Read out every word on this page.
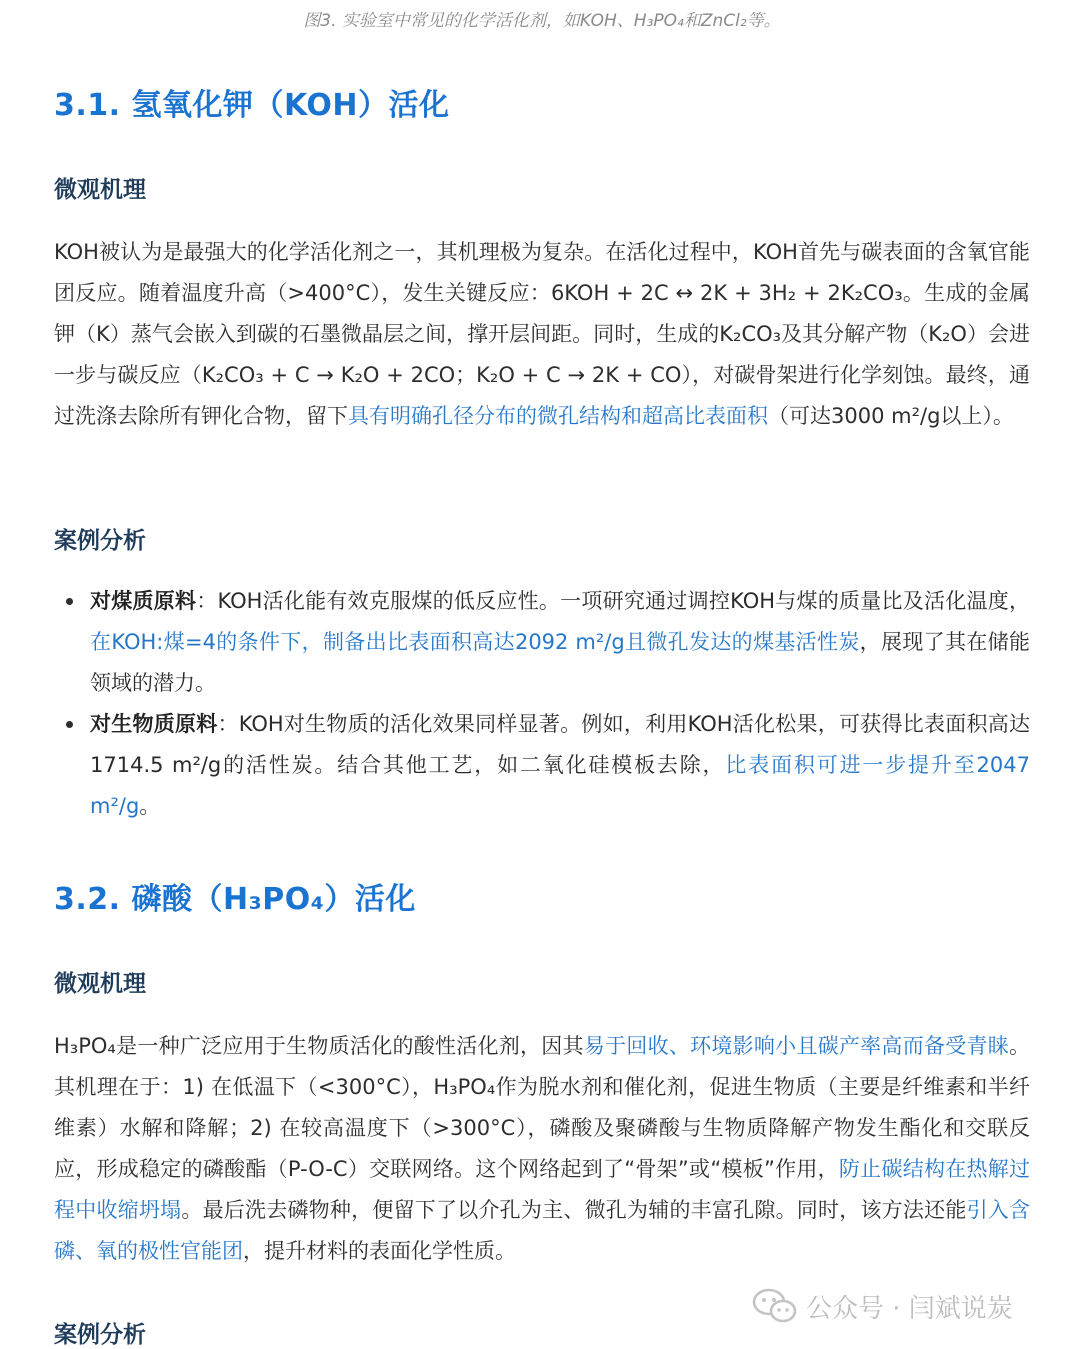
图3. 实验室中常见的化学活化剂，如KOH、H₃PO₄和ZnCl₂等。
3.1. 氢氧化钾（KOH）活化
微观机理
KOH被认为是最强大的化学活化剂之一，其机理极为复杂。在活化过程中，KOH首先与碳表面的含氧官能团反应。随着温度升高（>400°C），发生关键反应：6KOH + 2C ↔ 2K + 3H₂ + 2K₂CO₃。生成的金属钾（K）蒸气会嵌入到碳的石墨微晶层之间，撑开层间距。同时，生成的K₂CO₃及其分解产物（K₂O）会进一步与碳反应（K₂CO₃ + C → K₂O + 2CO；K₂O + C → 2K + CO），对碳骨架进行化学刻蚀。最终，通过洗涤去除所有钾化合物，留下具有明确孔径分布的微孔结构和超高比表面积（可达3000 m²/g以上）。
案例分析
对煤质原料：KOH活化能有效克服煤的低反应性。一项研究通过调控KOH与煤的质量比及活化温度，在KOH:煤=4的条件下，制备出比表面积高达2092 m²/g且微孔发达的煤基活性炭，展现了其在储能领域的潜力。
对生物质原料：KOH对生物质的活化效果同样显著。例如，利用KOH活化松果，可获得比表面积高达1714.5 m²/g的活性炭。结合其他工艺，如二氧化硅模板去除，比表面积可进一步提升至2047 m²/g。
3.2. 磷酸（H₃PO₄）活化
微观机理
H₃PO₄是一种广泛应用于生物质活化的酸性活化剂，因其易于回收、环境影响小且碳产率高而备受青睐。其机理在于：1) 在低温下（<300°C），H₃PO₄作为脱水剂和催化剂，促进生物质（主要是纤维素和半纤维素）水解和降解；2) 在较高温度下（>300°C），磷酸及聚磷酸与生物质降解产物发生酯化和交联反应，形成稳定的磷酸酯（P-O-C）交联网络。这个网络起到了“骨架”或“模板”作用，防止碳结构在热解过程中收缩坍塌。最后洗去磷物种，便留下了以介孔为主、微孔为辅的丰富孔隙。同时，该方法还能引入含磷、氧的极性官能团，提升材料的表面化学性质。
案例分析
公众号 · 闫斌说炭
